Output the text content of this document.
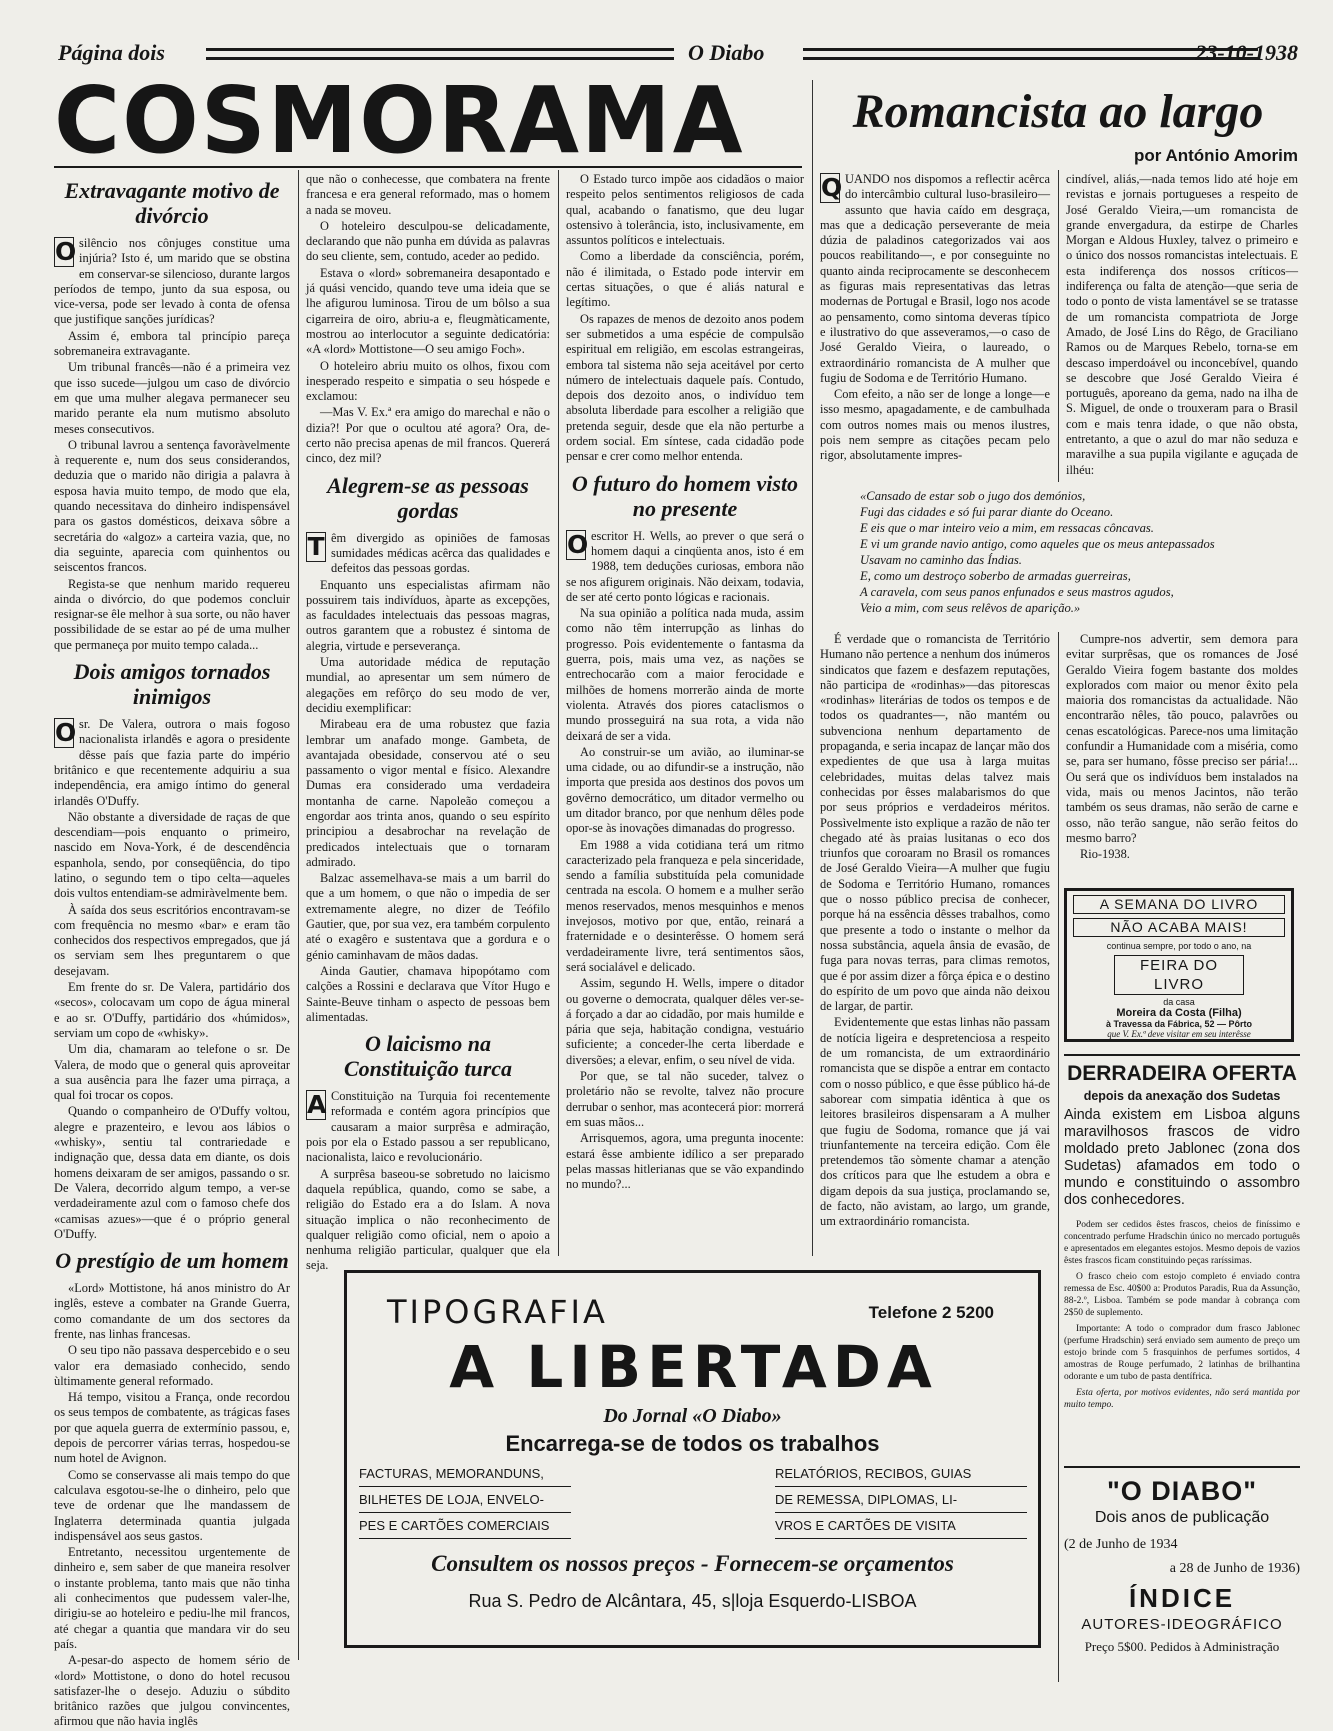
Página dois	O Diabo	23-10-1938
COSMORAMA	Romancista ao largo
por António Amorim
Extravagante motivo de divórcio

O silêncio nos cônjuges constitue uma injúria? Isto é, um marido que se obstina em conservar-se silencioso, durante largos períodos de tempo, junto da sua esposa, ou vice-versa, pode ser levado à conta de ofensa que justifique sanções jurídicas?

Assim é, embora tal princípio pareça sobremaneira extravagante.

Um tribunal francês—não é a primeira vez que isso sucede—julgou um caso de divórcio em que uma mulher alegava permanecer seu marido perante ela num mutismo absoluto meses consecutivos.

O tribunal lavrou a sentença favoràvelmente à requerente e, num dos seus considerandos, deduzia que o marido não dirigia a palavra à esposa havia muito tempo, de modo que ela, quando necessitava do dinheiro indispensável para os gastos domésticos, deixava sôbre a secretária do «algoz» a carteira vazia, que, no dia seguinte, aparecia com quinhentos ou seiscentos francos.

Regista-se que nenhum marido requereu ainda o divórcio, do que podemos concluir resignar-se êle melhor à sua sorte, ou não haver possibilidade de se estar ao pé de uma mulher que permaneça por muito tempo calada...

Dois amigos tornados inimigos

O sr. De Valera, outrora o mais fogoso nacionalista irlandês e agora o presidente dêsse país que fazia parte do império britânico e que recentemente adquiriu a sua independência, era amigo íntimo do general irlandês O'Duffy.

Não obstante a diversidade de raças de que descendiam—pois enquanto o primeiro, nascido em Nova-York, é de descendência espanhola, sendo, por conseqüência, do tipo latino, o segundo tem o tipo celta—aqueles dois vultos entendiam-se admiràvelmente bem.

À saída dos seus escritórios encontravam-se com frequência no mesmo «bar» e eram tão conhecidos dos respectivos empregados, que já os serviam sem lhes preguntarem o que desejavam.

Em frente do sr. De Valera, partidário dos «secos», colocavam um copo de água mineral e ao sr. O'Duffy, partidário dos «húmidos», serviam um copo de «whisky».

Um dia, chamaram ao telefone o sr. De Valera, de modo que o general quis aproveitar a sua ausência para lhe fazer uma pirraça, a qual foi trocar os copos.

Quando o companheiro de O'Duffy voltou, alegre e prazenteiro, e levou aos lábios o «whisky», sentiu tal contrariedade e indignação que, dessa data em diante, os dois homens deixaram de ser amigos, passando o sr. De Valera, decorrido algum tempo, a ver-se verdadeiramente azul com o famoso chefe dos «camisas azues»—que é o próprio general O'Duffy.

O prestígio de um homem

«Lord» Mottistone, há anos ministro do Ar inglês, esteve a combater na Grande Guerra, como comandante de um dos sectores da frente, nas linhas francesas.

O seu tipo não passava despercebido e o seu valor era demasiado conhecido, sendo ùltimamente general reformado.

Há tempo, visitou a França, onde recordou os seus tempos de combatente, as trágicas fases por que aquela guerra de extermínio passou, e, depois de percorrer várias terras, hospedou-se num hotel de Avignon.

Como se conservasse ali mais tempo do que calculava esgotou-se-lhe o dinheiro, pelo que teve de ordenar que lhe mandassem de Inglaterra determinada quantia julgada indispensável aos seus gastos.

Entretanto, necessitou urgentemente de dinheiro e, sem saber de que maneira resolver o instante problema, tanto mais que não tinha ali conhecimentos que pudessem valer-lhe, dirigiu-se ao hoteleiro e pediu-lhe mil francos, até chegar a quantia que mandara vir do seu país.

A-pesar-do aspecto de homem sério de «lord» Mottistone, o dono do hotel recusou satisfazer-lhe o desejo. Aduziu o súbdito britânico razões que julgou convincentes, afirmou que não havia inglês

que não o conhecesse, que combatera na frente francesa e era general reformado, mas o homem a nada se moveu.

O hoteleiro desculpou-se delicadamente, declarando que não punha em dúvida as palavras do seu cliente, sem, contudo, aceder ao pedido.

Estava o «lord» sobremaneira desapontado e já quási vencido, quando teve uma ideia que se lhe afigurou luminosa. Tirou de um bôlso a sua cigarreira de oiro, abriu-a e, fleugmàticamente, mostrou ao interlocutor a seguinte dedicatória: «A «lord» Mottistone—O seu amigo Foch».

O hoteleiro abriu muito os olhos, fixou com inesperado respeito e simpatia o seu hóspede e exclamou:

—Mas V. Ex.ª era amigo do marechal e não o dizia?! Por que o ocultou até agora? Ora, de-certo não precisa apenas de mil francos. Quererá cinco, dez mil?

Alegrem-se as pessoas gordas

T êm divergido as opiniões de famosas sumidades médicas acêrca das qualidades e defeitos das pessoas gordas.

Enquanto uns especialistas afirmam não possuirem tais indivíduos, àparte as excepções, as faculdades intelectuais das pessoas magras, outros garantem que a robustez é sintoma de alegria, virtude e perseverança.

Uma autoridade médica de reputação mundial, ao apresentar um sem número de alegações em refôrço do seu modo de ver, decidiu exemplificar:

Mirabeau era de uma robustez que fazia lembrar um anafado monge. Gambeta, de avantajada obesidade, conservou até o seu passamento o vigor mental e físico. Alexandre Dumas era considerado uma verdadeira montanha de carne. Napoleão começou a engordar aos trinta anos, quando o seu espírito principiou a desabrochar na revelação de predicados intelectuais que o tornaram admirado.

Balzac assemelhava-se mais a um barril do que a um homem, o que não o impedia de ser extremamente alegre, no dizer de Teófilo Gautier, que, por sua vez, era também corpulento até o exagêro e sustentava que a gordura e o génio caminhavam de mãos dadas.

Ainda Gautier, chamava hipopótamo com calções a Rossini e declarava que Vítor Hugo e Sainte-Beuve tinham o aspecto de pessoas bem alimentadas.

O laicismo na Constituição turca

A Constituição na Turquia foi recentemente reformada e contém agora princípios que causaram a maior surprêsa e admiração, pois por ela o Estado passou a ser republicano, nacionalista, laico e revolucionário.

A surprêsa baseou-se sobretudo no laicismo daquela república, quando, como se sabe, a religião do Estado era a do Islam. A nova situação implica o não reconhecimento de qualquer religião como oficial, nem o apoio a nenhuma religião particular, qualquer que ela seja.

O Estado turco impõe aos cidadãos o maior respeito pelos sentimentos religiosos de cada qual, acabando o fanatismo, que deu lugar ostensivo à tolerância, isto, inclusivamente, em assuntos políticos e intelectuais.

Como a liberdade da consciência, porém, não é ilimitada, o Estado pode intervir em certas situações, o que é aliás natural e legítimo.

Os rapazes de menos de dezoito anos podem ser submetidos a uma espécie de compulsão espiritual em religião, em escolas estrangeiras, embora tal sistema não seja aceitável por certo número de intelectuais daquele país. Contudo, depois dos dezoito anos, o indivíduo tem absoluta liberdade para escolher a religião que pretenda seguir, desde que ela não perturbe a ordem social. Em síntese, cada cidadão pode pensar e crer como melhor entenda.

O futuro do homem visto no presente

O escritor H. Wells, ao prever o que será o homem daqui a cinqüenta anos, isto é em 1988, tem deduções curiosas, embora não se nos afigurem originais. Não deixam, todavia, de ser até certo ponto lógicas e racionais.

Na sua opinião a política nada muda, assim como não têm interrupção as linhas do progresso. Pois evidentemente o fantasma da guerra, pois, mais uma vez, as nações se entrechocarão com a maior ferocidade e milhões de homens morrerão ainda de morte violenta. Através dos piores cataclismos o mundo prosseguirá na sua rota, a vida não deixará de ser a vida.

Ao construir-se um avião, ao iluminar-se uma cidade, ou ao difundir-se a instrução, não importa que presida aos destinos dos povos um govêrno democrático, um ditador vermelho ou um ditador branco, por que nenhum dêles pode opor-se às inovações dimanadas do progresso.

Em 1988 a vida cotidiana terá um ritmo caracterizado pela franqueza e pela sinceridade, sendo a família substituída pela comunidade centrada na escola. O homem e a mulher serão menos reservados, menos mesquinhos e menos invejosos, motivo por que, então, reinará a fraternidade e o desinterêsse. O homem será verdadeiramente livre, terá sentimentos sãos, será socialável e delicado.

Assim, segundo H. Wells, impere o ditador ou governe o democrata, qualquer dêles ver-se-á forçado a dar ao cidadão, por mais humilde e pária que seja, habitação condigna, vestuário suficiente; a conceder-lhe certa liberdade e diversões; a elevar, enfim, o seu nível de vida.

Por que, se tal não suceder, talvez o proletário não se revolte, talvez não procure derrubar o senhor, mas acontecerá pior: morrerá em suas mãos...

Arrisquemos, agora, uma pregunta inocente: estará êsse ambiente idílico a ser preparado pelas massas hitlerianas que se vão expandindo no mundo?...

Q UANDO nos dispomos a reflectir acêrca do intercâmbio cultural luso-brasileiro—assunto que havia caído em desgraça, mas que a dedicação perseverante de meia dúzia de paladinos categorizados vai aos poucos reabilitando—, e por conseguinte no quanto ainda reciprocamente se desconhecem as figuras mais representativas das letras modernas de Portugal e Brasil, logo nos acode ao pensamento, como sintoma deveras típico e ilustrativo do que asseveramos,—o caso de José Geraldo Vieira, o laureado, o extraordinário romancista de A mulher que fugiu de Sodoma e de Território Humano.

Com efeito, a não ser de longe a longe—e isso mesmo, apagadamente, e de cambulhada com outros nomes mais ou menos ilustres, pois nem sempre as citações pecam pelo rigor, absolutamente impres-

cindível, aliás,—nada temos lido até hoje em revistas e jornais portugueses a respeito de José Geraldo Vieira,—um romancista de grande envergadura, da estirpe de Charles Morgan e Aldous Huxley, talvez o primeiro e o único dos nossos romancistas intelectuais. E esta indiferença dos nossos críticos—indiferença ou falta de atenção—que seria de todo o ponto de vista lamentável se se tratasse de um romancista compatriota de Jorge Amado, de José Lins do Rêgo, de Graciliano Ramos ou de Marques Rebelo, torna-se em descaso imperdoável ou inconcebível, quando se descobre que José Geraldo Vieira é português, aporeano da gema, nado na ilha de S. Miguel, de onde o trouxeram para o Brasil com e mais tenra idade, o que não obsta, entretanto, a que o azul do mar não seduza e maravilhe a sua pupila vigilante e aguçada de ilhéu:

«Cansado de estar sob o jugo dos demónios,
Fugi das cidades e só fui parar diante do Oceano.
E eis que o mar inteiro veio a mim, em ressacas côncavas.
E vi um grande navio antigo, como aqueles que os meus antepassados
Usavam no caminho das Índias.
E, como um destroço soberbo de armadas guerreiras,
A caravela, com seus panos enfunados e seus mastros agudos,
Veio a mim, com seus relêvos de aparição.»

É verdade que o romancista de Território Humano não pertence a nenhum dos inúmeros sindicatos que fazem e desfazem reputações, não participa de «rodinhas»—das pitorescas «rodinhas» literárias de todos os tempos e de todos os quadrantes—, não mantém ou subvenciona nenhum departamento de propaganda, e seria incapaz de lançar mão dos expedientes de que usa à larga muitas celebridades, muitas delas talvez mais conhecidas por êsses malabarismos do que por seus próprios e verdadeiros méritos. Possìvelmente isto explique a razão de não ter chegado até às praias lusitanas o eco dos triunfos que coroaram no Brasil os romances de José Geraldo Vieira—A mulher que fugiu de Sodoma e Território Humano, romances que o nosso público precisa de conhecer, porque há na essência dêsses trabalhos, como que presente a todo o instante o melhor da nossa substância, aquela ânsia de evasão, de fuga para novas terras, para climas remotos, que é por assim dizer a fôrça épica e o destino do espírito de um povo que ainda não deixou de largar, de partir.

Evidentemente que estas linhas não passam de notícia ligeira e despretenciosa a respeito de um romancista, de um extraordinário romancista que se dispõe a entrar em contacto com o nosso público, e que êsse público há-de saborear com simpatia idêntica à que os leitores brasileiros dispensaram a A mulher que fugiu de Sodoma, romance que já vai triunfantemente na terceira edição. Com êle pretendemos tão sòmente chamar a atenção dos críticos para que lhe estudem a obra e digam depois da sua justiça, proclamando se, de facto, não avistam, ao largo, um grande, um extraordinário romancista.

Cumpre-nos advertir, sem demora para evitar surprêsas, que os romances de José Geraldo Vieira fogem bastante dos moldes explorados com maior ou menor êxito pela maioria dos romancistas da actualidade. Não encontrarão nêles, tão pouco, palavrões ou cenas escatológicas. Parece-nos uma limitação confundir a Humanidade com a miséria, como se, para ser humano, fôsse preciso ser pária!... Ou será que os indivíduos bem instalados na vida, mais ou menos Jacintos, não terão também os seus dramas, não serão de carne e osso, não terão sangue, não serão feitos do mesmo barro?

Rio-1938.

A SEMANA DO LIVRO
NÃO ACABA MAIS!
continua sempre, por todo o ano, na
FEIRA DO LIVRO
da casa
Moreira da Costa (Filha)
à Travessa da Fábrica, 52 — Pôrto
que V. Ex.ª deve visitar em seu interêsse
DERRADEIRA OFERTA
depois da anexação dos Sudetas
Ainda existem em Lisboa alguns maravilhosos frascos de vidro moldado preto Jablonec (zona dos Sudetas) afamados em todo o mundo e constituindo o assombro dos conhecedores.
Podem ser cedidos êstes frascos, cheios de finíssimo e concentrado perfume Hradschin único no mercado português e apresentados em elegantes estojos. Mesmo depois de vazios êstes frascos ficam constituindo peças raríssimas.
O frasco cheio com estojo completo é enviado contra remessa de Esc. 40$00 a: Produtos Paradis, Rua da Assunção, 88-2.º, Lisboa. Também se pode mandar à cobrança com 2$50 de suplemento.
Importante: A todo o comprador dum frasco Jablonec (perfume Hradschin) será enviado sem aumento de preço um estojo brinde com 5 frasquinhos de perfumes sortidos, 4 amostras de Rouge perfumado, 2 latinhas de brilhantina odorante e um tubo de pasta dentífrica.
Esta oferta, por motivos evidentes, não será mantida por muito tempo.
"O DIABO"
Dois anos de publicação
(2 de Junho de 1934
a 28 de Junho de 1936)
ÍNDICE
AUTORES-IDEOGRÁFICO
Preço 5$00. Pedidos à Administração
TIPOGRAFIA	Telefone 2 5200
A LIBERTADA
Do Jornal «O Diabo»
Encarrega-se de todos os trabalhos
FACTURAS, MEMORANDUNS,
BILHETES DE LOJA, ENVELO-
PES E CARTÕES COMERCIAIS
RELATÓRIOS, RECIBOS, GUIAS
DE REMESSA, DIPLOMAS, LI-
VROS E CARTÕES DE VISITA
Consultem os nossos preços - Fornecem-se orçamentos
Rua S. Pedro de Alcântara, 45, s|loja Esquerdo-LISBOA
